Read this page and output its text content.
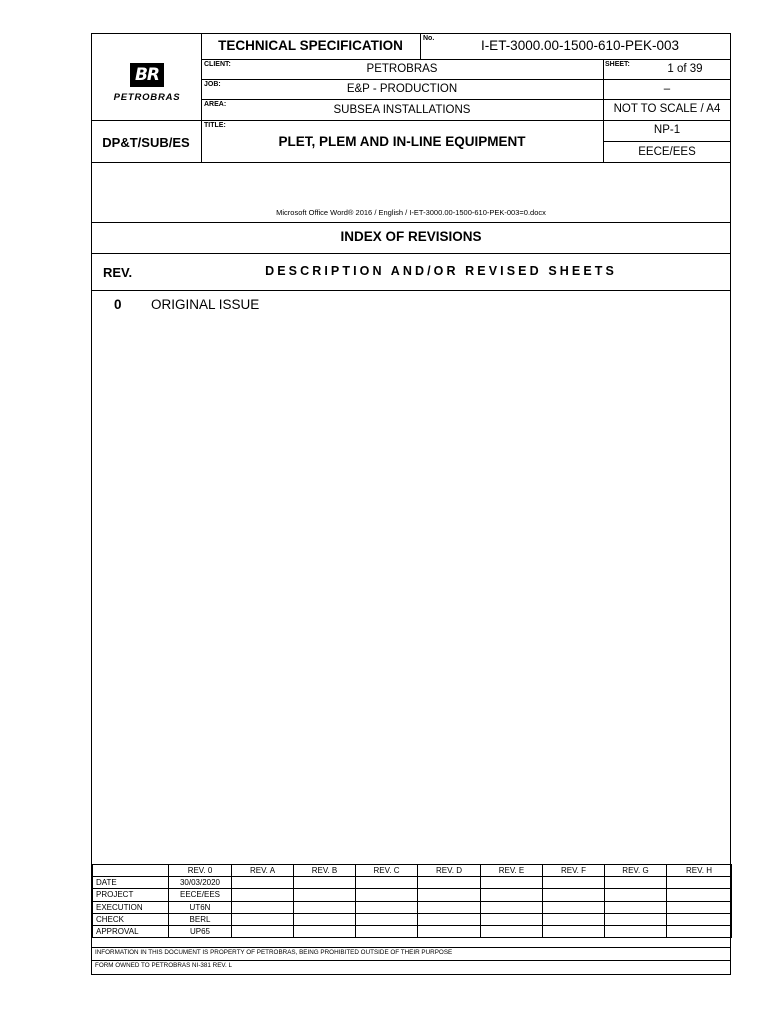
BR
PETROBRAS
TECHNICAL SPECIFICATION	No.	I-ET-3000.00-1500-610-PEK-003
CLIENT:	PETROBRAS	SHEET:	1 of 39
JOB:	E&P - PRODUCTION	–
AREA:	SUBSEA INSTALLATIONS	NOT TO SCALE / A4
DP&T/SUB/ES
TITLE:
PLET, PLEM AND IN-LINE EQUIPMENT
NP-1
EECE/EES
Microsoft Office Word® 2016 / English / I-ET-3000.00-1500-610-PEK-003=0.docx
INDEX OF REVISIONS
REV.	DESCRIPTION AND/OR REVISED SHEETS
0 ORIGINAL ISSUE
	REV. 0	REV. A	REV. B	REV. C	REV. D	REV. E	REV. F	REV. G	REV. H
DATE	30/03/2020								
PROJECT	EECE/EES								
EXECUTION	UT6N								
CHECK	BERL								
APPROVAL	UP65								
INFORMATION IN THIS DOCUMENT IS PROPERTY OF PETROBRAS, BEING PROHIBITED OUTSIDE OF THEIR PURPOSE
FORM OWNED TO PETROBRAS NI-381 REV. L
